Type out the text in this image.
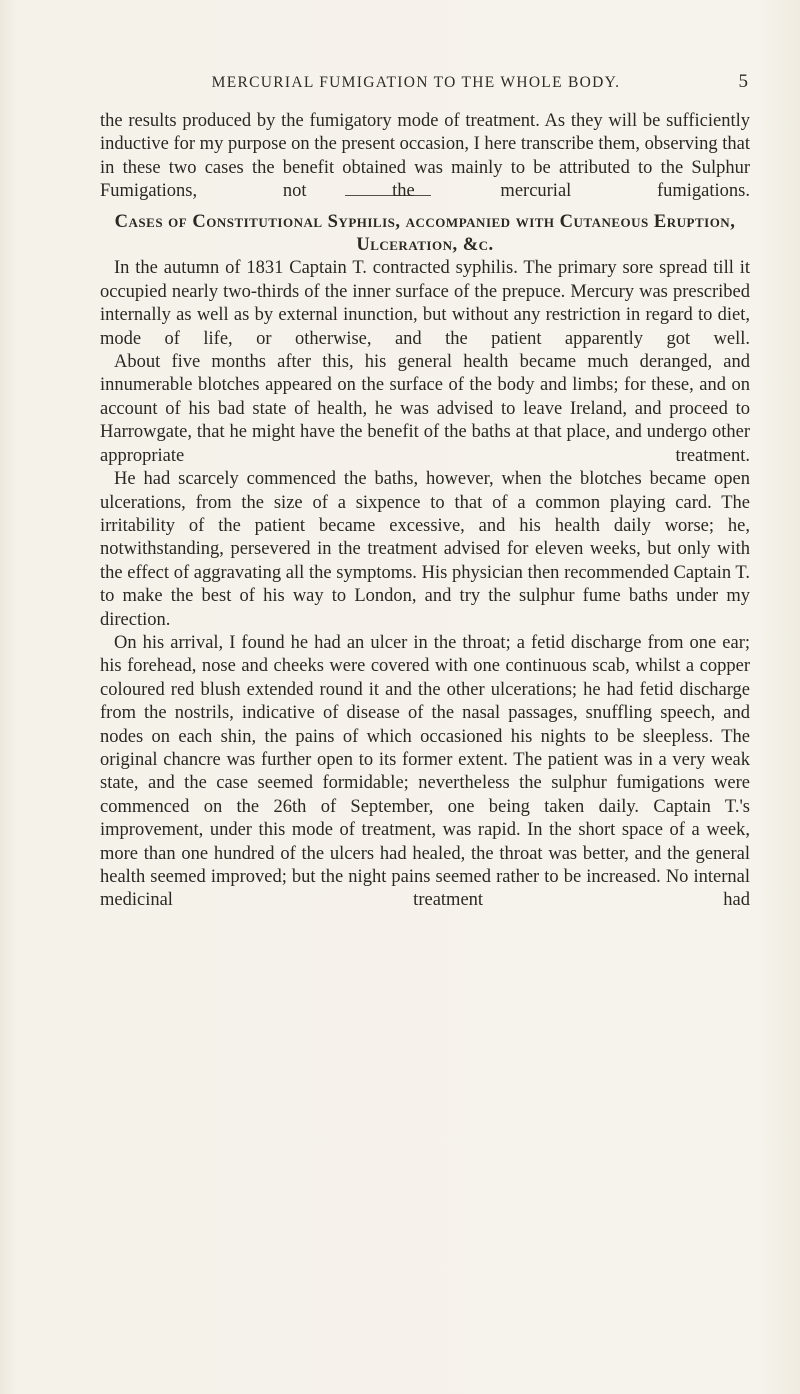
MERCURIAL FUMIGATION TO THE WHOLE BODY.	5

the results produced by the fumigatory mode of treatment. As they will be sufficiently inductive for my purpose on the present occasion, I here transcribe them, observing that in these two cases the benefit obtained was mainly to be attributed to the Sulphur Fumigations, not the mercurial fumigations.

Cases of Constitutional Syphilis, accompanied with Cutaneous Eruption, Ulceration, &c.

In the autumn of 1831 Captain T. contracted syphilis. The primary sore spread till it occupied nearly two-thirds of the inner surface of the prepuce. Mercury was prescribed internally as well as by external inunction, but without any restriction in regard to diet, mode of life, or otherwise, and the patient apparently got well.

About five months after this, his general health became much deranged, and innumerable blotches appeared on the surface of the body and limbs; for these, and on account of his bad state of health, he was advised to leave Ireland, and proceed to Harrowgate, that he might have the benefit of the baths at that place, and undergo other appropriate treatment.

He had scarcely commenced the baths, however, when the blotches became open ulcerations, from the size of a sixpence to that of a common playing card. The irritability of the patient became excessive, and his health daily worse; he, notwithstanding, persevered in the treatment advised for eleven weeks, but only with the effect of aggravating all the symptoms. His physician then recommended Captain T. to make the best of his way to London, and try the sulphur fume baths under my direction.

On his arrival, I found he had an ulcer in the throat; a fetid discharge from one ear; his forehead, nose and cheeks were covered with one continuous scab, whilst a copper coloured red blush extended round it and the other ulcerations; he had fetid discharge from the nostrils, indicative of disease of the nasal passages, snuffling speech, and nodes on each shin, the pains of which occasioned his nights to be sleepless. The original chancre was further open to its former extent. The patient was in a very weak state, and the case seemed formidable; nevertheless the sulphur fumigations were commenced on the 26th of September, one being taken daily. Captain T.'s improvement, under this mode of treatment, was rapid. In the short space of a week, more than one hundred of the ulcers had healed, the throat was better, and the general health seemed improved; but the night pains seemed rather to be increased. No internal medicinal treatment had
